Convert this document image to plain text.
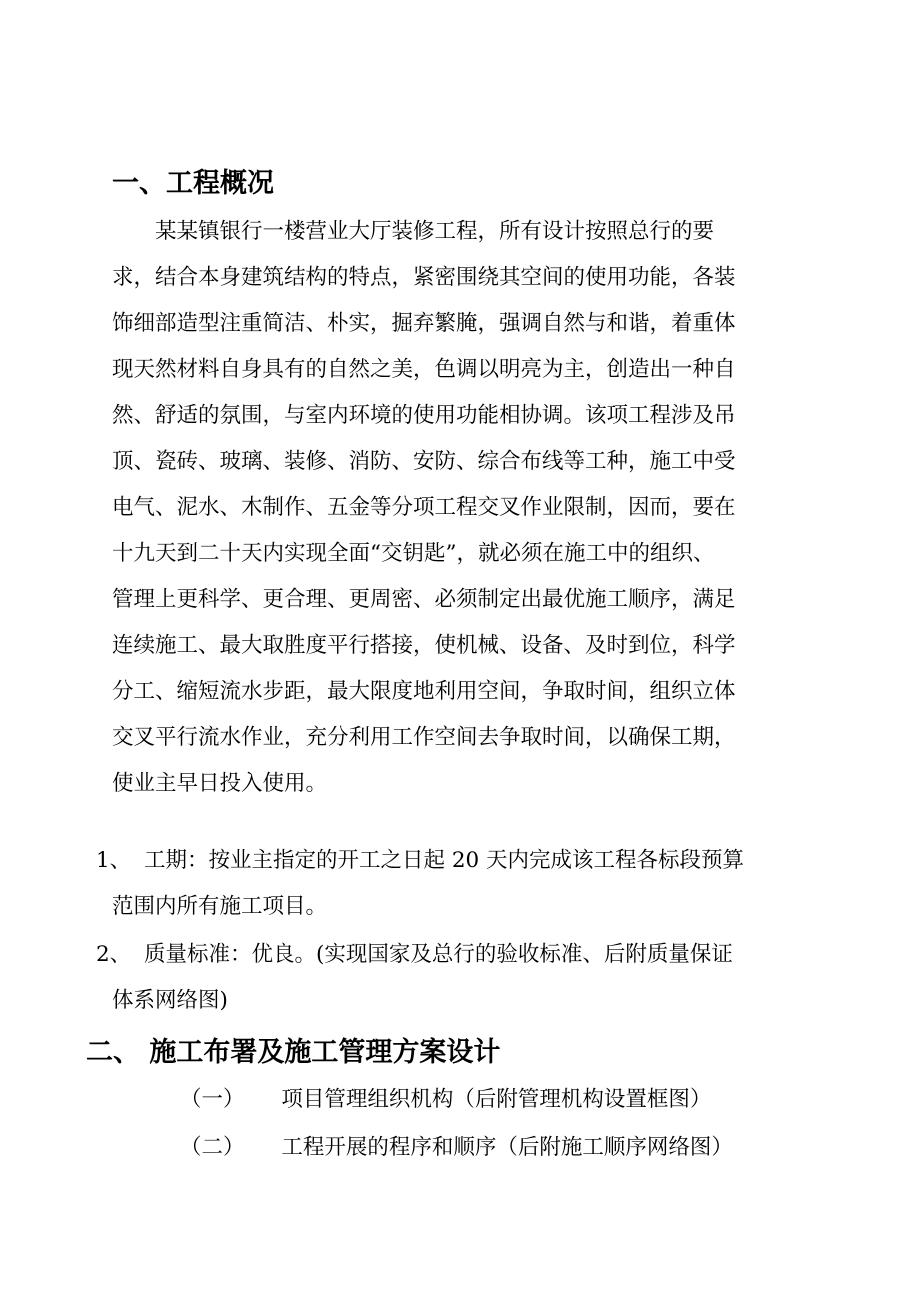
一、工程概况
　　某某镇银行一楼营业大厅装修工程，所有设计按照总行的要
求，结合本身建筑结构的特点，紧密围绕其空间的使用功能，各装
饰细部造型注重简洁、朴实，掘弃繁腌，强调自然与和谐，着重体
现天然材料自身具有的自然之美，色调以明亮为主，创造出一种自
然、舒适的氛围，与室内环境的使用功能相协调。该项工程涉及吊
顶、瓷砖、玻璃、装修、消防、安防、综合布线等工种，施工中受
电气、泥水、木制作、五金等分项工程交叉作业限制，因而，要在
十九天到二十天内实现全面“交钥匙”，就必须在施工中的组织、
管理上更科学、更合理、更周密、必须制定出最优施工顺序，满足
连续施工、最大取胜度平行搭接，使机械、设备、及时到位，科学
分工、缩短流水步距，最大限度地利用空间，争取时间，组织立体
交叉平行流水作业，充分利用工作空间去争取时间，以确保工期，
使业主早日投入使用。
1、 工期：按业主指定的开工之日起 20 天内完成该工程各标段预算
范围内所有施工项目。
2、 质量标准：优良。(实现国家及总行的验收标准、后附质量保证
体系网络图)
二、 施工布署及施工管理方案设计
（一） 项目管理组织机构（后附管理机构设置框图）
（二） 工程开展的程序和顺序（后附施工顺序网络图）
